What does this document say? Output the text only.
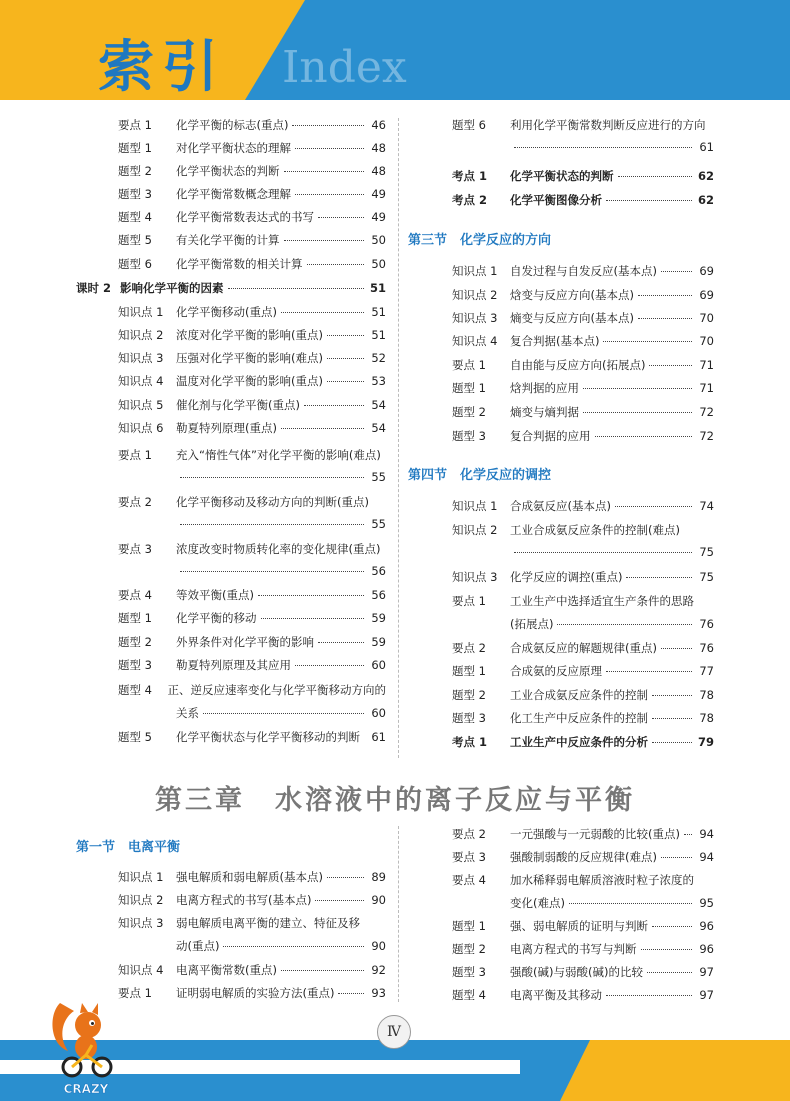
索引 Index
要点 1	化学平衡的标志(重点)	46
题型 1	对化学平衡状态的理解	48
题型 2	化学平衡状态的判断	48
题型 3	化学平衡常数概念理解	49
题型 4	化学平衡常数表达式的书写	49
题型 5	有关化学平衡的计算	50
题型 6	化学平衡常数的相关计算	50
课时 2 影响化学平衡的因素	51
知识点 1	化学平衡移动(重点)	51
知识点 2	浓度对化学平衡的影响(重点)	51
知识点 3	压强对化学平衡的影响(难点)	52
知识点 4	温度对化学平衡的影响(重点)	53
知识点 5	催化剂与化学平衡(重点)	54
知识点 6	勒夏特列原理(重点)	54
要点 1	充入“惰性气体”对化学平衡的影响(难点)
55
要点 2	化学平衡移动及移动方向的判断(重点)
55
要点 3	浓度改变时物质转化率的变化规律(重点)
56
要点 4	等效平衡(重点)	56
题型 1	化学平衡的移动	59
题型 2	外界条件对化学平衡的影响	59
题型 3	勒夏特列原理及其应用	60
题型 4	正、逆反应速率变化与化学平衡移动方向的
关系	60
题型 5	化学平衡状态与化学平衡移动的判断 61
题型 6	利用化学平衡常数判断反应进行的方向
61
考点 1	化学平衡状态的判断	62
考点 2	化学平衡图像分析	62
第三节　化学反应的方向
知识点 1	自发过程与自发反应(基本点)	69
知识点 2	焓变与反应方向(基本点)	69
知识点 3	熵变与反应方向(基本点)	70
知识点 4	复合判据(基本点)	70
要点 1	自由能与反应方向(拓展点)	71
题型 1	焓判据的应用	71
题型 2	熵变与熵判据	72
题型 3	复合判据的应用	72
第四节　化学反应的调控
知识点 1	合成氨反应(基本点)	74
知识点 2	工业合成氨反应条件的控制(难点)
75
知识点 3	化学反应的调控(重点)	75
要点 1	工业生产中选择适宜生产条件的思路
(拓展点)	76
要点 2	合成氨反应的解题规律(重点)	76
题型 1	合成氨的反应原理	77
题型 2	工业合成氨反应条件的控制	78
题型 3	化工生产中反应条件的控制	78
考点 1	工业生产中反应条件的分析	79
第一节　电离平衡
知识点 1	强电解质和弱电解质(基本点)	89
知识点 2	电离方程式的书写(基本点)	90
知识点 3	弱电解质电离平衡的建立、特征及移
动(重点)	90
知识点 4	电离平衡常数(重点)	92
要点 1	证明弱电解质的实验方法(重点)	93
要点 2	一元强酸与一元弱酸的比较(重点) 94
要点 3	强酸制弱酸的反应规律(难点)	94
要点 4	加水稀释弱电解质溶液时粒子浓度的
变化(难点)	95
题型 1	强、弱电解质的证明与判断	96
题型 2	电离方程式的书写与判断	96
题型 3	强酸(碱)与弱酸(碱)的比较	97
题型 4	电离平衡及其移动	97
第三章　水溶液中的离子反应与平衡
Ⅳ
CRAZY
